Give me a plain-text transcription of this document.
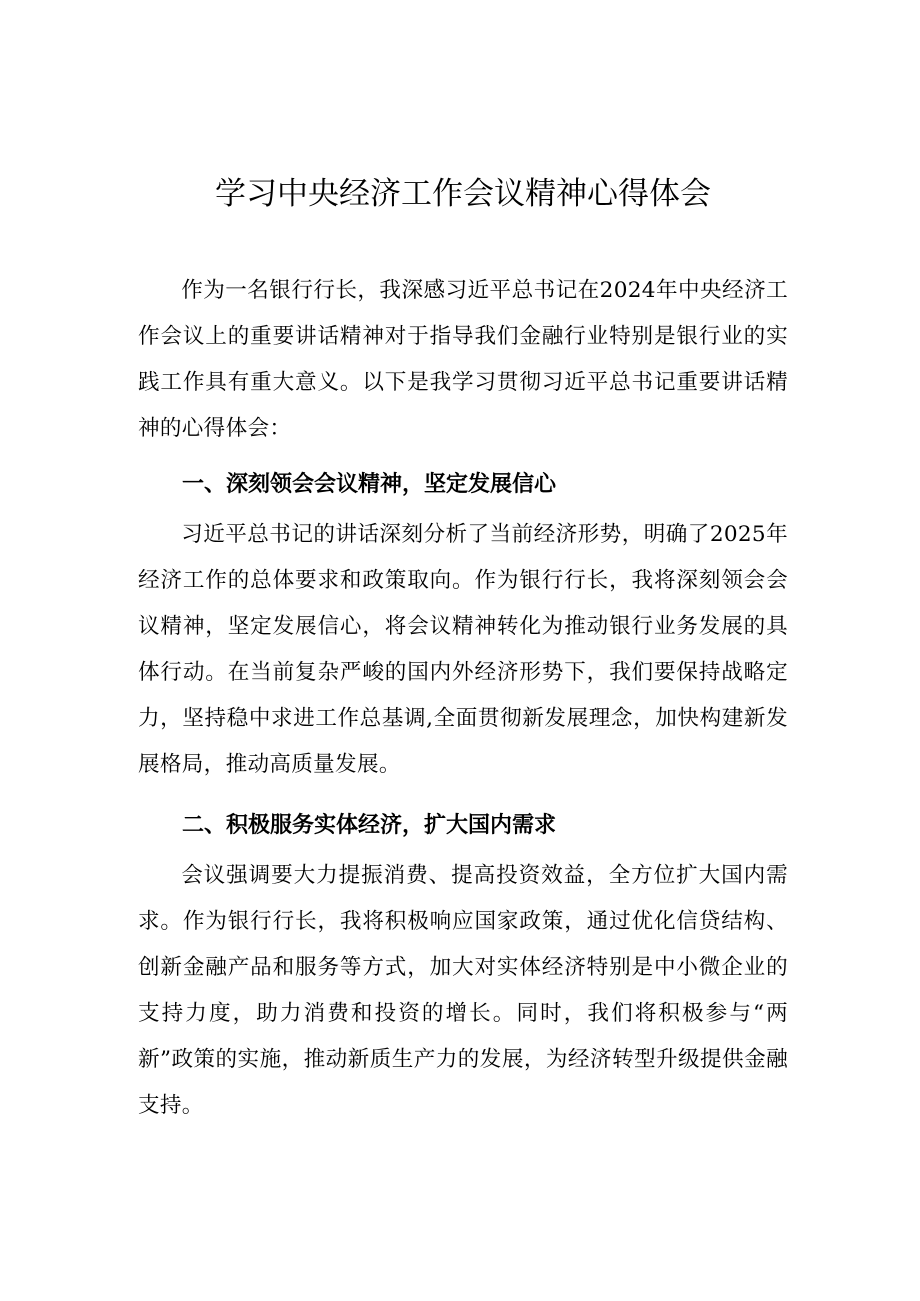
学习中央经济工作会议精神心得体会

作为一名银行行长，我深感习近平总书记在2024年中央经济工作会议上的重要讲话精神对于指导我们金融行业特别是银行业的实践工作具有重大意义。以下是我学习贯彻习近平总书记重要讲话精神的心得体会：

一、深刻领会会议精神，坚定发展信心

习近平总书记的讲话深刻分析了当前经济形势，明确了2025年经济工作的总体要求和政策取向。作为银行行长，我将深刻领会会议精神，坚定发展信心，将会议精神转化为推动银行业务发展的具体行动。在当前复杂严峻的国内外经济形势下，我们要保持战略定力，坚持稳中求进工作总基调,全面贯彻新发展理念，加快构建新发展格局，推动高质量发展。

二、积极服务实体经济，扩大国内需求

会议强调要大力提振消费、提高投资效益，全方位扩大国内需求。作为银行行长，我将积极响应国家政策，通过优化信贷结构、创新金融产品和服务等方式，加大对实体经济特别是中小微企业的支持力度，助力消费和投资的增长。同时，我们将积极参与“两新”政策的实施，推动新质生产力的发展，为经济转型升级提供金融支持。
